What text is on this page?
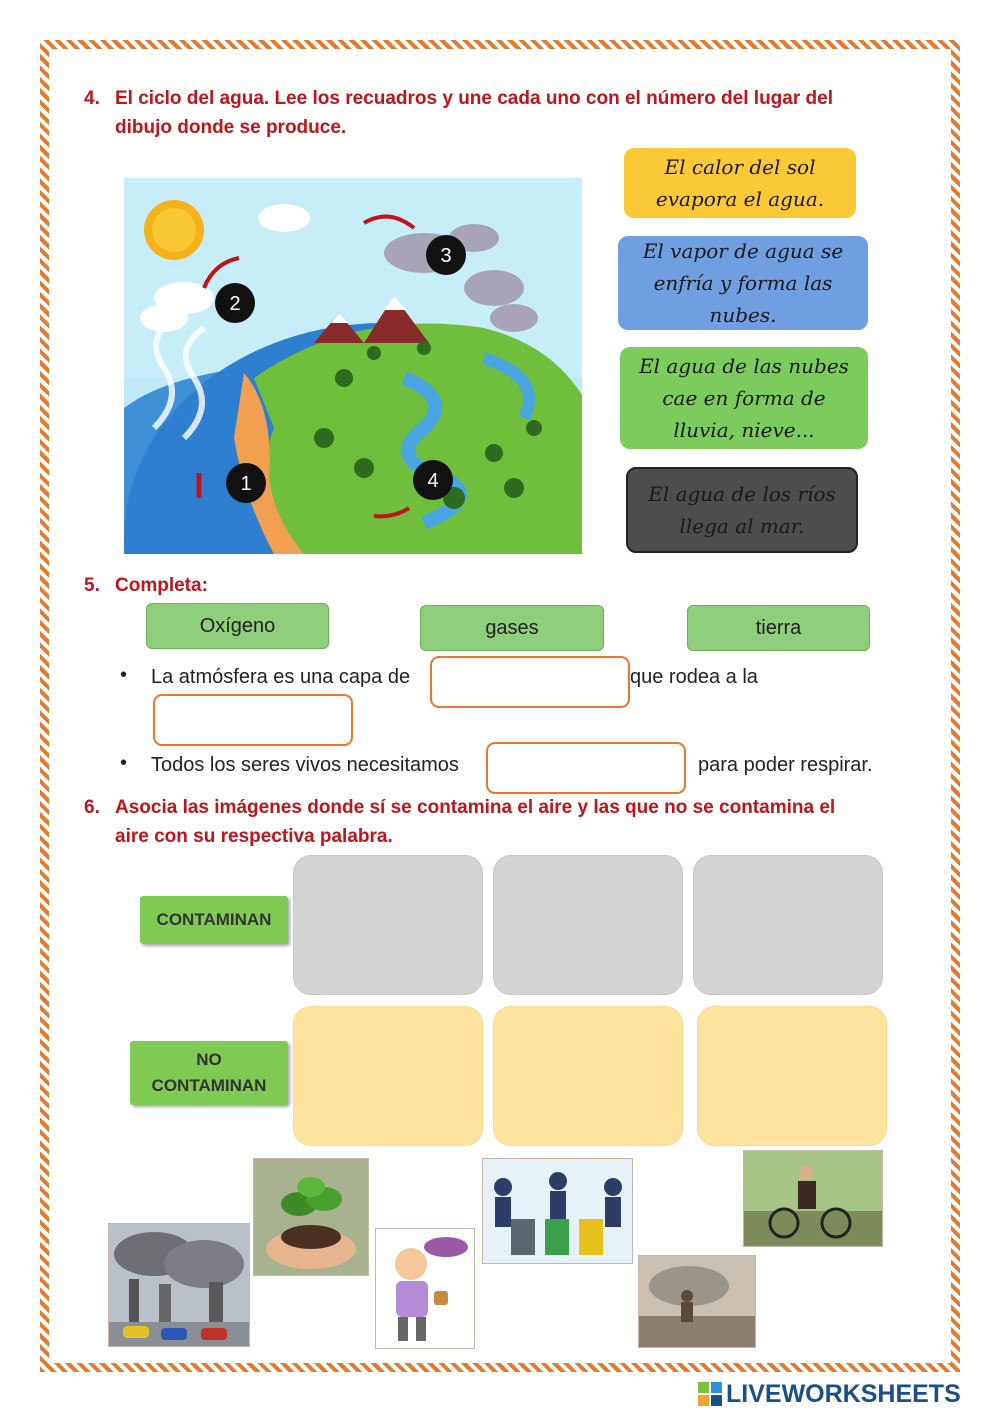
4. El ciclo del agua. Lee los recuadros y une cada uno con el número del lugar del
dibujo donde se produce.
1
2
3
4
El calor del sol evapora el agua.
El vapor de agua se enfría y forma las nubes.
El agua de las nubes cae en forma de lluvia, nieve...
El agua de los ríos llega al mar.
5. Completa:
Oxígeno	gases	tierra
• La atmósfera es una capa de	que rodea a la
• Todos los seres vivos necesitamos	para poder respirar.
6. Asocia las imágenes donde sí se contamina el aire y las que no se contamina el
aire con su respectiva palabra.
CONTAMINAN
NO
CONTAMINAN
LIVEWORKSHEETS
